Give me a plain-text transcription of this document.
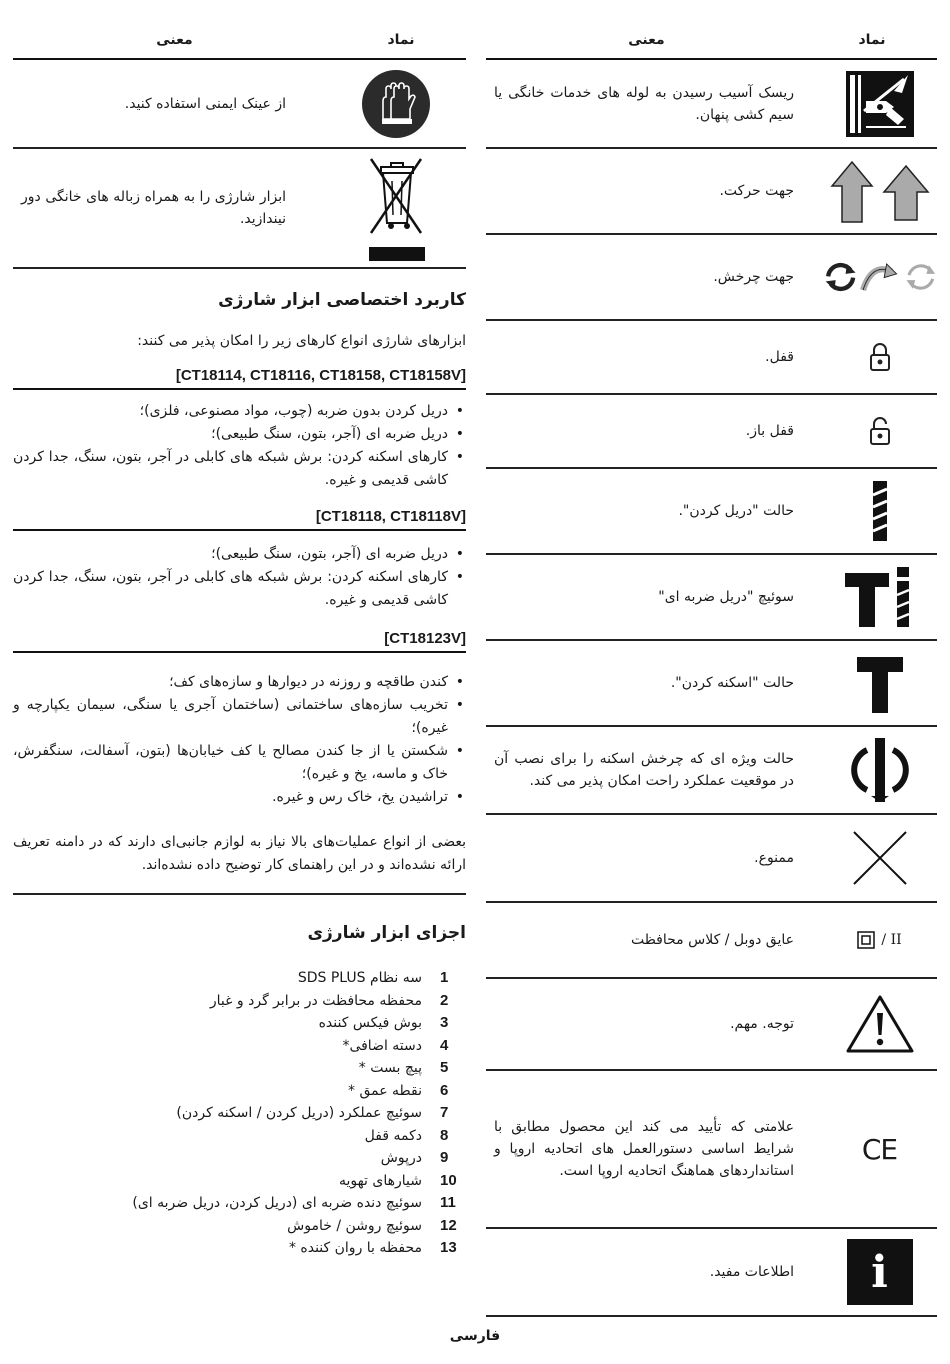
نماد
معنی
ریسک آسیب رسیدن به لوله های خدمات خانگی یا سیم کشی پنهان.
جهت حرکت.
جهت چرخش.
قفل.
قفل باز.
حالت "دریل کردن".
سوئیچ "دریل ضربه ای"
حالت "اسکنه کردن".
حالت ویژه ای که چرخش اسکنه را برای نصب آن در موقعیت عملکرد راحت امکان پذیر می کند.
ممنوع.
II /
عایق دوبل / کلاس محافظت
توجه. مهم.
CE
علامتی که تأیید می کند این محصول مطابق با شرایط اساسی دستورالعمل های اتحادیه اروپا و استانداردهای هماهنگ اتحادیه اروپا است.
i
اطلاعات مفید.
نماد
معنی
از عینک ایمنی استفاده کنید.
ابزار شارژی را به همراه زباله های خانگی دور نیندازید.
کاربرد اختصاصی ابزار شارژی
ابزارهای شارژی انواع کارهای زیر را امکان پذیر می کنند:
[CT18114, CT18116, CT18158, CT18158V]
• دریل کردن بدون ضربه (چوب، مواد مصنوعی، فلزی)؛
• دریل ضربه ای (آجر، بتون، سنگ طبیعی)؛
• کارهای اسکنه کردن: برش شبکه های کابلی در آجر، بتون، سنگ، جدا کردن کاشی قدیمی و غیره.
[CT18118, CT18118V]
• دریل ضربه ای (آجر، بتون، سنگ طبیعی)؛
• کارهای اسکنه کردن: برش شبکه های کابلی در آجر، بتون، سنگ، جدا کردن کاشی قدیمی و غیره.
[CT18123V]
• کندن طاقچه و روزنه در دیوارها و سازه‌های کف؛
• تخریب سازه‌های ساختمانی (ساختمان آجری یا سنگی، سیمان یکپارچه و غیره)؛
• شکستن یا از جا کندن مصالح یا کف خیابان‌ها (بتون، آسفالت، سنگفرش، خاک و ماسه، یخ و غیره)؛
• تراشیدن یخ، خاک رس و غیره.
بعضی از انواع عملیات‌های بالا نیاز به لوازم جانبی‌ای دارند که در دامنه تعریف ارائه نشده‌اند و در این راهنمای کار توضیح داده نشده‌اند.
اجزای ابزار شارژی
1
سه نظام SDS PLUS
2
محفظه محافظت در برابر گرد و غبار
3
بوش فیکس کننده
4
دسته اضافی*
5
پیچ بست *
6
نقطه عمق *
7
سوئیچ عملکرد (دریل کردن / اسکنه کردن)
8
دکمه قفل
9
درپوش
10
شیارهای تهویه
11
سوئیچ دنده ضربه ای (دریل کردن، دریل ضربه ای)
12
سوئیچ روشن / خاموش
13
محفظه با روان کننده *
فارسی
